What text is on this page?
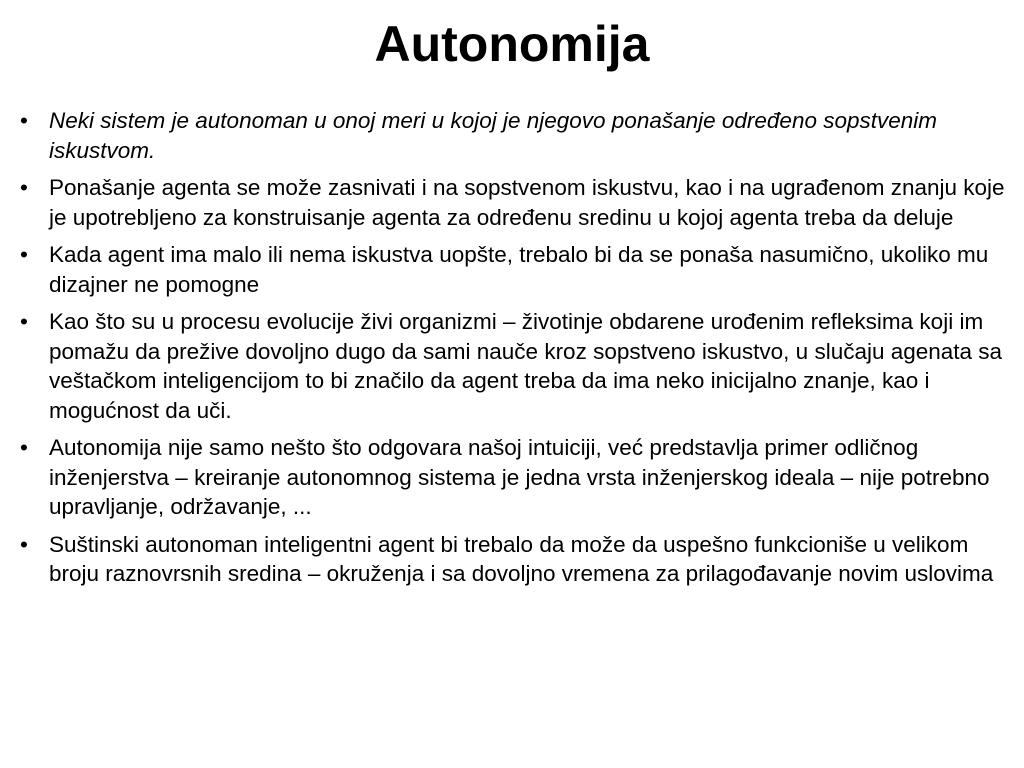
Autonomija
• Neki sistem je autonoman u onoj meri u kojoj je njegovo ponašanje određeno sopstvenim iskustvom.
• Ponašanje agenta se može zasnivati i na sopstvenom iskustvu, kao i na ugrađenom znanju koje je upotrebljeno za konstruisanje agenta za određenu sredinu u kojoj agenta treba da deluje
• Kada agent ima malo ili nema iskustva uopšte, trebalo bi da se ponaša nasumično, ukoliko mu dizajner ne pomogne
• Kao što su u procesu evolucije živi organizmi – životinje obdarene urođenim refleksima koji im pomažu da prežive dovoljno dugo da sami nauče kroz sopstveno iskustvo, u slučaju agenata sa veštačkom inteligencijom to bi značilo da agent treba da ima neko inicijalno znanje, kao i mogućnost da uči.
• Autonomija nije samo nešto što odgovara našoj intuiciji, već predstavlja primer odličnog inženjerstva – kreiranje autonomnog sistema je jedna vrsta inženjerskog ideala – nije potrebno upravljanje, održavanje, ...
• Suštinski autonoman inteligentni agent bi trebalo da može da uspešno funkcioniše u velikom broju raznovrsnih sredina – okruženja i sa dovoljno vremena za prilagođavanje novim uslovima
